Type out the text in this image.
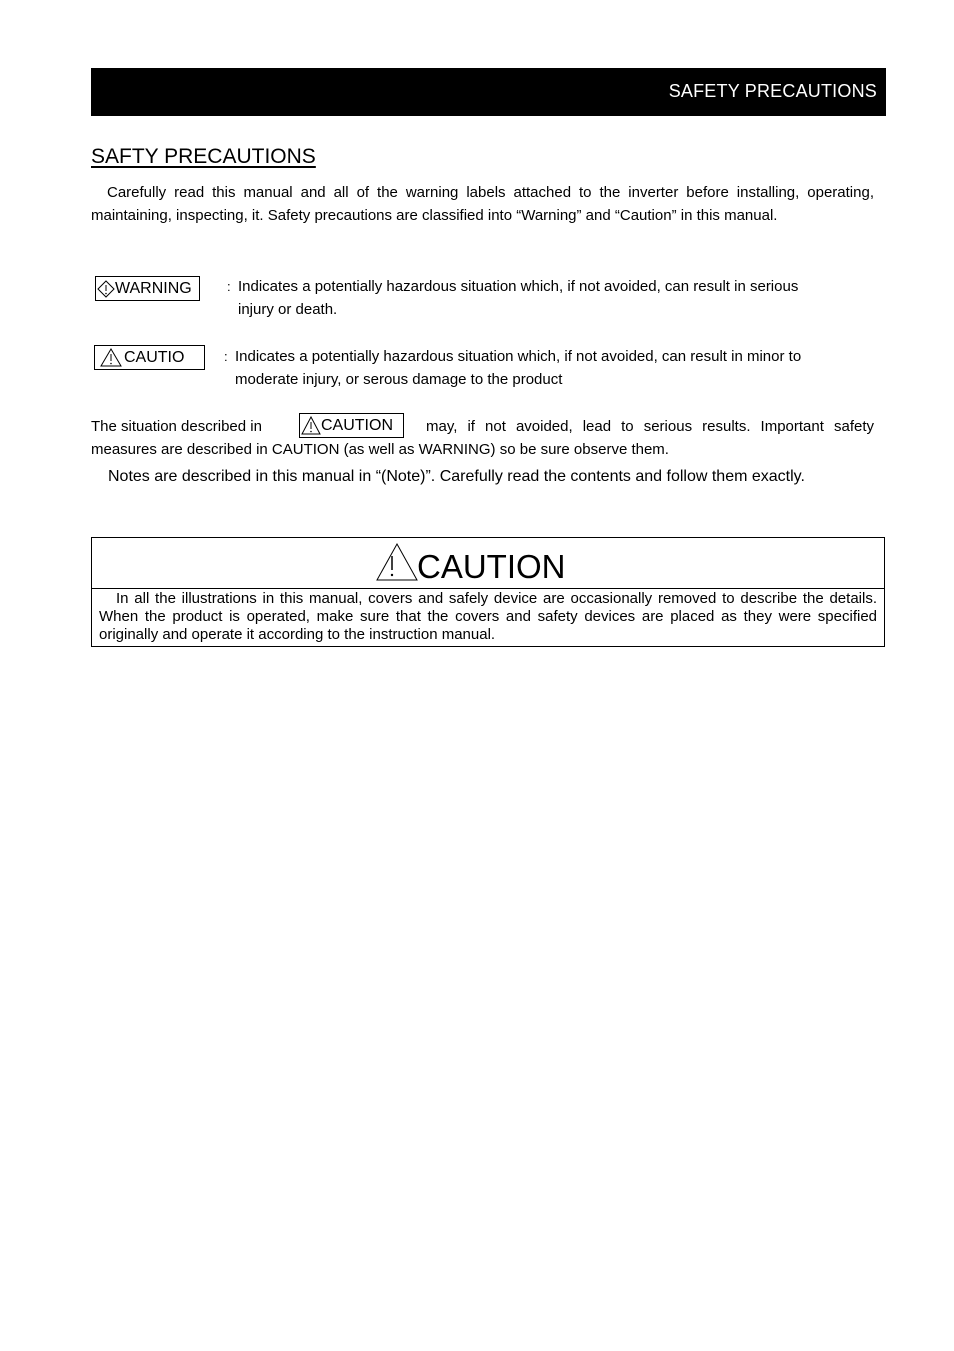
SAFETY PRECAUTIONS
SAFTY PRECAUTIONS
Carefully read this manual and all of the warning labels attached to the inverter before installing, operating, maintaining, inspecting, it. Safety precautions are classified into “Warning” and “Caution” in this manual.
WARNING	: Indicates a potentially hazardous situation which, if not avoided, can result in serious
injury or death.
CAUTIO	: Indicates a potentially hazardous situation which, if not avoided, can result in minor to
moderate injury, or serous damage to the product
The situation described in	CAUTION may, if not avoided, lead to serious results. Important safety
measures are described in CAUTION (as well as WARNING) so be sure observe them.
Notes are described in this manual in “(Note)”. Carefully read the contents and follow them exactly.
CAUTION
In all the illustrations in this manual, covers and safely device are occasionally removed to describe the details. When the product is operated, make sure that the covers and safety devices are placed as they were specified originally and operate it according to the instruction manual.
